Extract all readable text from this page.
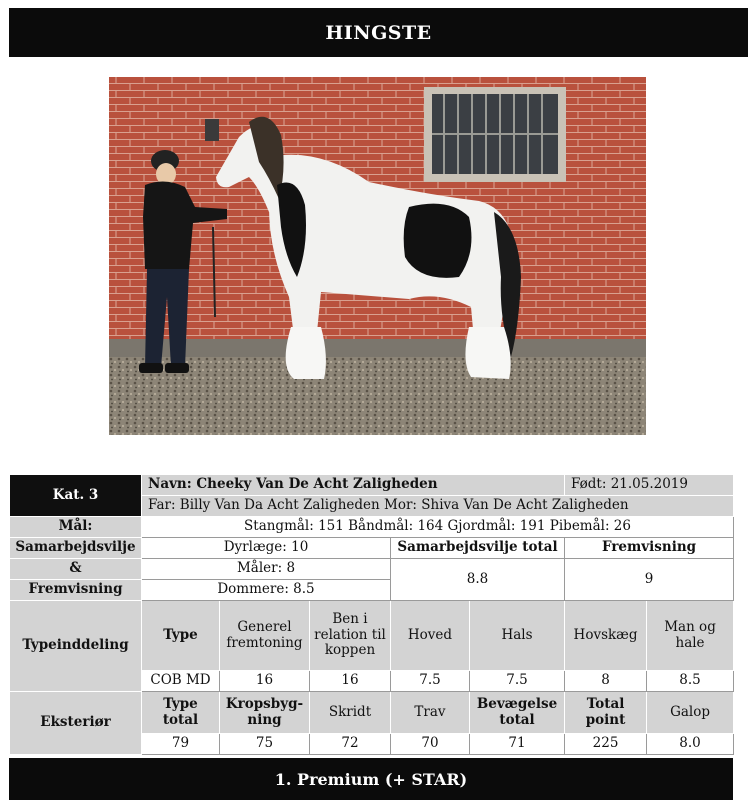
HINGSTE
Kat. 3	Navn: Cheeky Van De Acht Zaligheden					Født: 21.05.2019	
	Far: Billy Van Da Acht Zaligheden Mor: Shiva Van De Acht Zaligheden						
Mål:	Stangmål: 151 Båndmål: 164 Gjordmål: 191 Pibemål: 26						
Samarbejdsvilje	Dyrlæge: 10			Samarbejdsvilje total		Fremvisning	
&	Måler: 8			8.8		9	
Fremvisning	Dommere: 8.5						
Typeinddeling	Type	Generel fremtoning	Ben i relation til koppen	Hoved	Hals	Hovskæg	Man og hale
	COB MD	16	16	7.5	7.5	8	8.5
Eksteriør	Type total	Kropsbyg-ning	Skridt	Trav	Bevægelse total	Total point	Galop
	79	75	72	70	71	225	8.0
1. Premium (+ STAR)
